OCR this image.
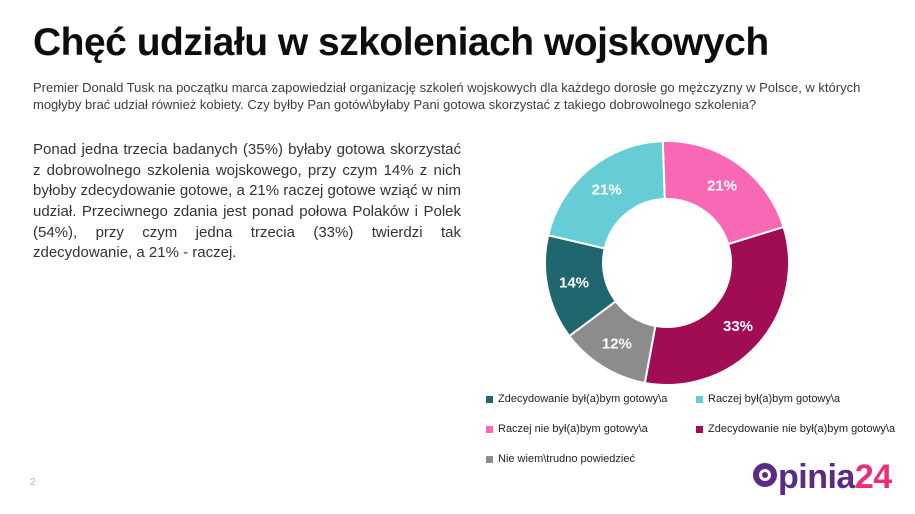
Chęć udziału w szkoleniach wojskowych

Premier Donald Tusk na początku marca zapowiedział organizację szkoleń wojskowych dla każdego dorosłe go mężczyzny w Polsce, w których mogłyby brać udział również kobiety. Czy byłby Pan gotów\byłaby Pani gotowa skorzystać z takiego dobrowolnego szkolenia?

Ponad jedna trzecia badanych (35%) byłaby gotowa skorzystać z dobrowolnego szkolenia wojskowego, przy czym 14% z nich byłoby zdecydowanie gotowe, a 21% raczej gotowe wziąć w nim udział. Przeciwnego zdania jest ponad połowa Polaków i Polek (54%), przy czym jedna trzecia (33%) twierdzi tak zdecydowanie, a 21% - raczej.

21%
33%
12%
14%
21%
Zdecydowanie był(a)bym gotowy\a	Raczej był(a)bym gotowy\a
Raczej nie był(a)bym gotowy\a	Zdecydowanie nie był(a)bym gotowy\a
Nie wiem\trudno powiedzieć	pinia 24
2
